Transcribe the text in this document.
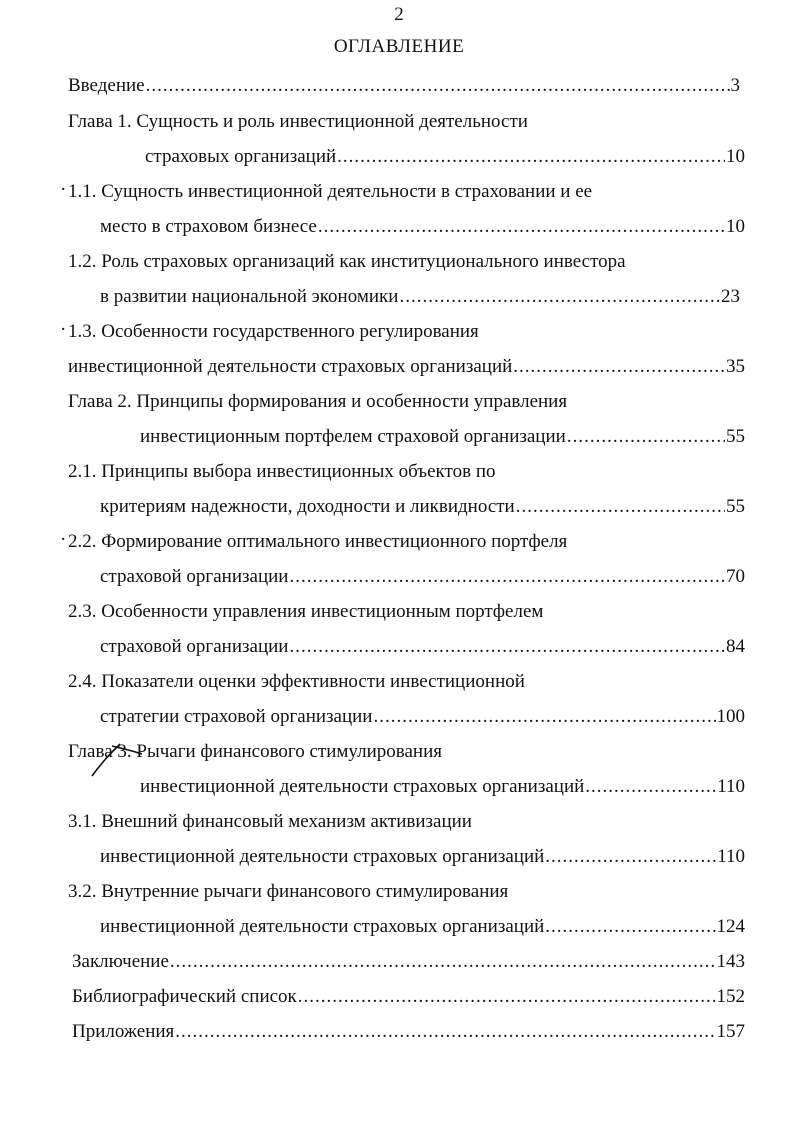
2
ОГЛАВЛЕНИЕ
Введение .....	3
Глава 1. Сущность и роль инвестиционной деятельности
страховых организаций .....	10
1.1. Сущность инвестиционной деятельности в страховании и ее
место в страховом бизнесе .....	10
1.2. Роль страховых организаций как институционального инвестора
в развитии национальной экономики .....	23
1.3. Особенности государственного регулирования
инвестиционной деятельности страховых организаций .....	35
Глава 2. Принципы формирования и особенности управления
инвестиционным портфелем страховой организации .....	55
2.1. Принципы выбора инвестиционных объектов по
критериям надежности, доходности и ликвидности .....	55
2.2. Формирование оптимального инвестиционного портфеля
страховой организации .....	70
2.3. Особенности управления инвестиционным портфелем
страховой организации .....	84
2.4. Показатели оценки эффективности инвестиционной
стратегии страховой организации .....	100
Глава 3. Рычаги финансового стимулирования
инвестиционной деятельности страховых организаций .....	110
3.1. Внешний финансовый механизм активизации
инвестиционной деятельности страховых организаций .....	110
3.2. Внутренние рычаги финансового стимулирования
инвестиционной деятельности страховых организаций .....	124
Заключение .....	143
Библиографический список .....	152
Приложения .....	157
·
·
·
